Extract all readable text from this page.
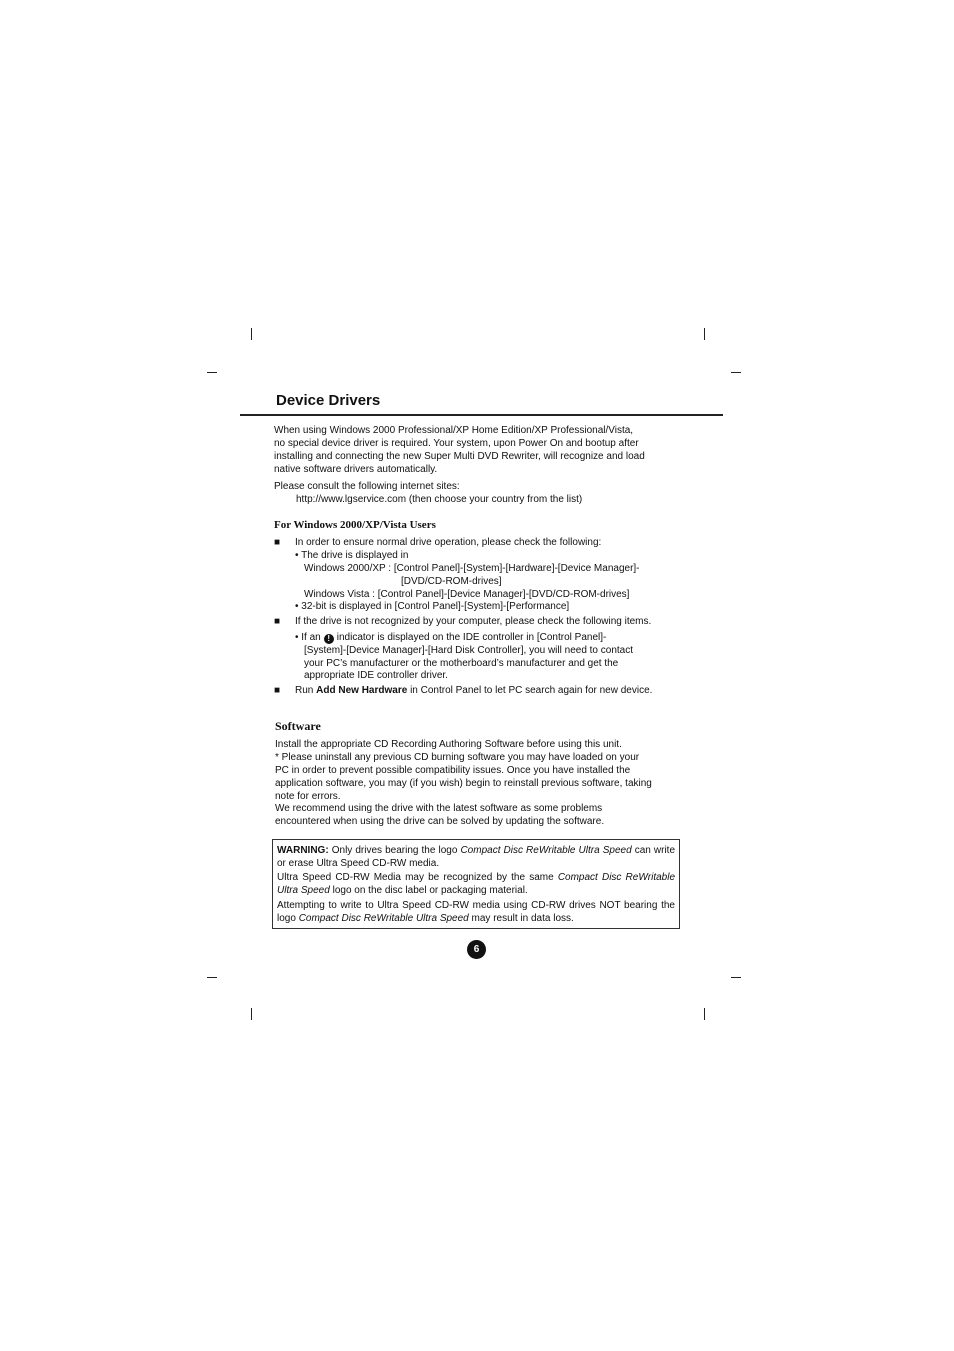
Device Drivers

When using Windows 2000 Professional/XP Home Edition/XP Professional/Vista,

no special device driver is required. Your system, upon Power On and bootup after

installing and connecting the new Super Multi DVD Rewriter, will recognize and load

native software drivers automatically.

Please consult the following internet sites:

http://www.lgservice.com (then choose your country from the list)

For Windows 2000/XP/Vista Users

■ In order to ensure normal drive operation, please check the following:

• The drive is displayed in

Windows 2000/XP : [Control Panel]-[System]-[Hardware]-[Device Manager]-

[DVD/CD-ROM-drives]

Windows Vista : [Control Panel]-[Device Manager]-[DVD/CD-ROM-drives]

• 32-bit is displayed in [Control Panel]-[System]-[Performance]

■ If the drive is not recognized by your computer, please check the following items.

• If an ! indicator is displayed on the IDE controller in [Control Panel]-

[System]-[Device Manager]-[Hard Disk Controller], you will need to contact

your PC’s manufacturer or the motherboard’s manufacturer and get the

appropriate IDE controller driver.

■ Run Add New Hardware in Control Panel to let PC search again for new device.

Software

Install the appropriate CD Recording Authoring Software before using this unit.

* Please uninstall any previous CD burning software you may have loaded on your

PC in order to prevent possible compatibility issues. Once you have installed the

application software, you may (if you wish) begin to reinstall previous software, taking

note for errors.

We recommend using the drive with the latest software as some problems

encountered when using the drive can be solved by updating the software.

WARNING: Only drives bearing the logo Compact Disc ReWritable Ultra Speed can write or erase Ultra Speed CD-RW media.

Ultra Speed CD-RW Media may be recognized by the same Compact Disc ReWritable Ultra Speed logo on the disc label or packaging material.

Attempting to write to Ultra Speed CD-RW media using CD-RW drives NOT bearing the logo Compact Disc ReWritable Ultra Speed may result in data loss.

6
